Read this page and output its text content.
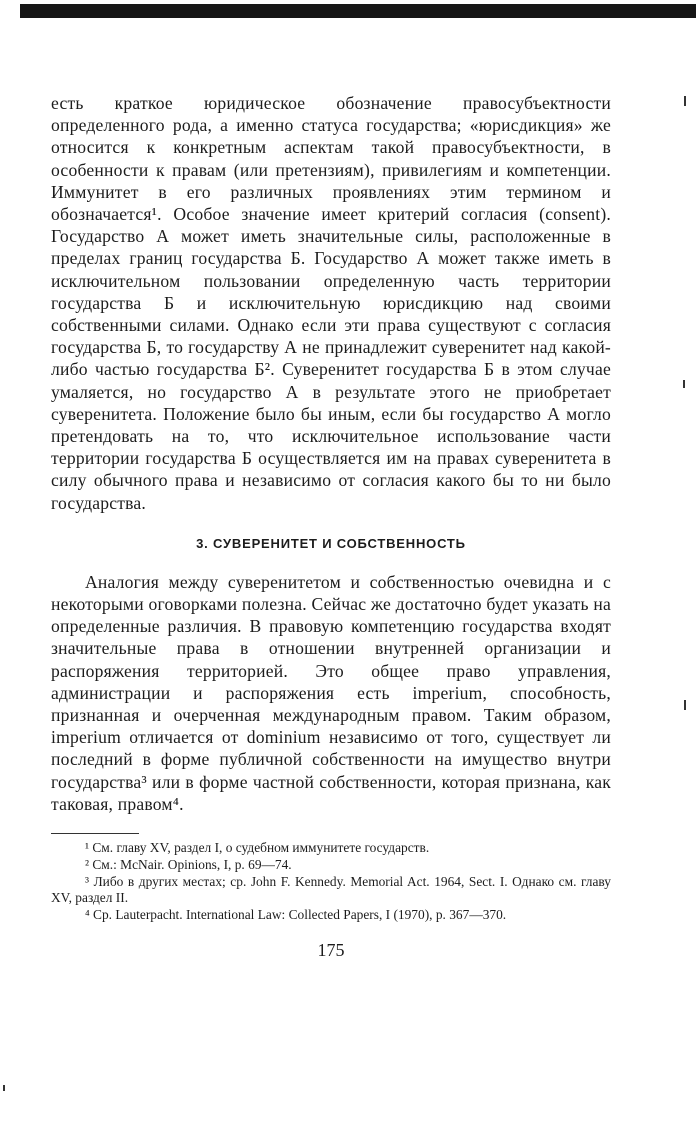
есть краткое юридическое обозначение правосубъектности определенного рода, а именно статуса государства; «юрисдикция» же относится к конкретным аспектам такой правосубъектности, в особенности к правам (или претензиям), привилегиям и компетенции. Иммунитет в его различных проявлениях этим термином и обозначается¹. Особое значение имеет критерий согласия (consent). Государство А может иметь значительные силы, расположенные в пределах границ государства Б. Государство А может также иметь в исключительном пользовании определенную часть территории государства Б и исключительную юрисдикцию над своими собственными силами. Однако если эти права существуют с согласия государства Б, то государству А не принадлежит суверенитет над какой-либо частью государства Б². Суверенитет государства Б в этом случае умаляется, но государство А в результате этого не приобретает суверенитета. Положение было бы иным, если бы государство А могло претендовать на то, что исключительное использование части территории государства Б осуществляется им на правах суверенитета в силу обычного права и независимо от согласия какого бы то ни было государства.

3. СУВЕРЕНИТЕТ И СОБСТВЕННОСТЬ

Аналогия между суверенитетом и собственностью очевидна и с некоторыми оговорками полезна. Сейчас же достаточно будет указать на определенные различия. В правовую компетенцию государства входят значительные права в отношении внутренней организации и распоряжения территорией. Это общее право управления, администрации и распоряжения есть imperium, способность, признанная и очерченная международным правом. Таким образом, imperium отличается от dominium независимо от того, существует ли последний в форме публичной собственности на имущество внутри государства³ или в форме частной собственности, которая признана, как таковая, правом⁴.

¹ См. главу XV, раздел I, о судебном иммунитете государств.

² См.: McNair. Opinions, I, p. 69—74.

³ Либо в других местах; ср. John F. Kennedy. Memorial Act. 1964, Sect. I. Однако см. главу XV, раздел II.

⁴ Ср. Lauterpacht. International Law: Collected Papers, I (1970), p. 367—370.

175
